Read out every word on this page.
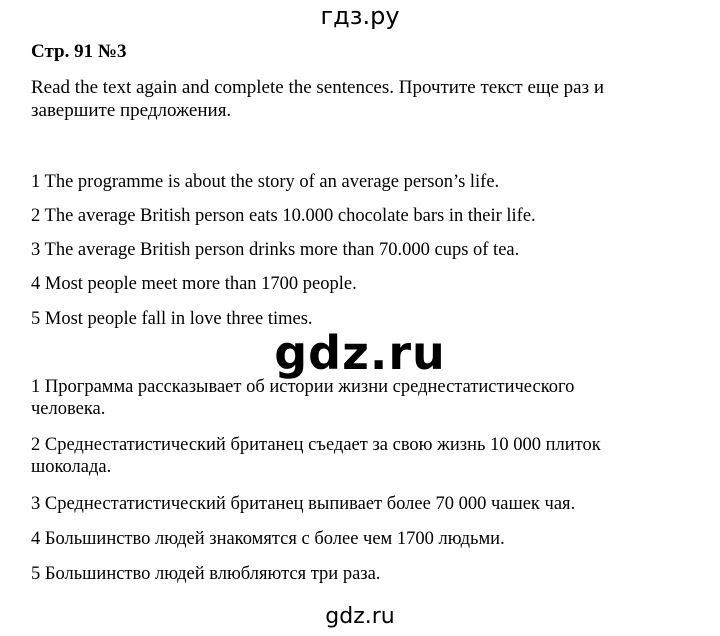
гдз.ру
Стр. 91 №3
Read the text again and complete the sentences. Прочтите текст еще раз и завершите предложения.
1 The programme is about the story of an average person’s life.
2 The average British person eats 10.000 chocolate bars in their life.
3 The average British person drinks more than 70.000 cups of tea.
4 Most people meet more than 1700 people.
5 Most people fall in love three times.
gdz.ru
1 Программа рассказывает об истории жизни среднестатистического человека.
2 Среднестатистический британец съедает за свою жизнь 10 000 плиток шоколада.
3 Среднестатистический британец выпивает более 70 000 чашек чая.
4 Большинство людей знакомятся с более чем 1700 людьми.
5 Большинство людей влюбляются три раза.
gdz.ru
